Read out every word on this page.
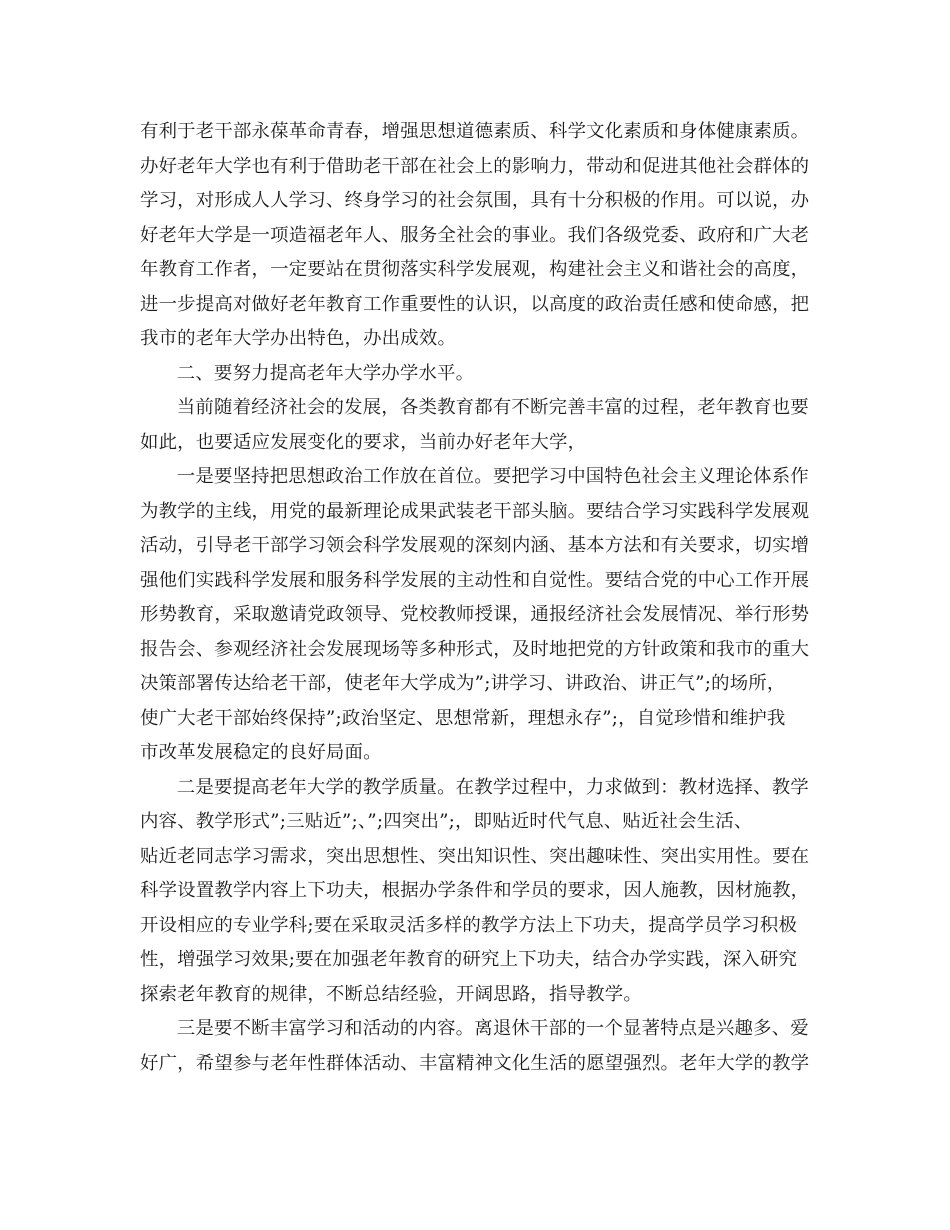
有利于老干部永葆革命青春，增强思想道德素质、科学文化素质和身体健康素质。
办好老年大学也有利于借助老干部在社会上的影响力，带动和促进其他社会群体的
学习，对形成人人学习、终身学习的社会氛围，具有十分积极的作用。可以说，办
好老年大学是一项造福老年人、服务全社会的事业。我们各级党委、政府和广大老
年教育工作者，一定要站在贯彻落实科学发展观，构建社会主义和谐社会的高度，
进一步提高对做好老年教育工作重要性的认识，以高度的政治责任感和使命感，把
我市的老年大学办出特色，办出成效。
二、要努力提高老年大学办学水平。
当前随着经济社会的发展，各类教育都有不断完善丰富的过程，老年教育也要
如此，也要适应发展变化的要求，当前办好老年大学，
一是要坚持把思想政治工作放在首位。要把学习中国特色社会主义理论体系作
为教学的主线，用党的最新理论成果武装老干部头脑。要结合学习实践科学发展观
活动，引导老干部学习领会科学发展观的深刻内涵、基本方法和有关要求，切实增
强他们实践科学发展和服务科学发展的主动性和自觉性。要结合党的中心工作开展
形势教育，采取邀请党政领导、党校教师授课，通报经济社会发展情况、举行形势
报告会、参观经济社会发展现场等多种形式，及时地把党的方针政策和我市的重大
决策部署传达给老干部，使老年大学成为”;讲学习、讲政治、讲正气”;的场所，
使广大老干部始终保持”;政治坚定、思想常新，理想永存”;，自觉珍惜和维护我
市改革发展稳定的良好局面。
二是要提高老年大学的教学质量。在教学过程中，力求做到：教材选择、教学
内容、教学形式”;三贴近”;、”;四突出”;，即贴近时代气息、贴近社会生活、
贴近老同志学习需求，突出思想性、突出知识性、突出趣味性、突出实用性。要在
科学设置教学内容上下功夫，根据办学条件和学员的要求，因人施教，因材施教，
开设相应的专业学科;要在采取灵活多样的教学方法上下功夫，提高学员学习积极
性，增强学习效果;要在加强老年教育的研究上下功夫，结合办学实践，深入研究
探索老年教育的规律，不断总结经验，开阔思路，指导教学。
三是要不断丰富学习和活动的内容。离退休干部的一个显著特点是兴趣多、爱
好广，希望参与老年性群体活动、丰富精神文化生活的愿望强烈。老年大学的教学
